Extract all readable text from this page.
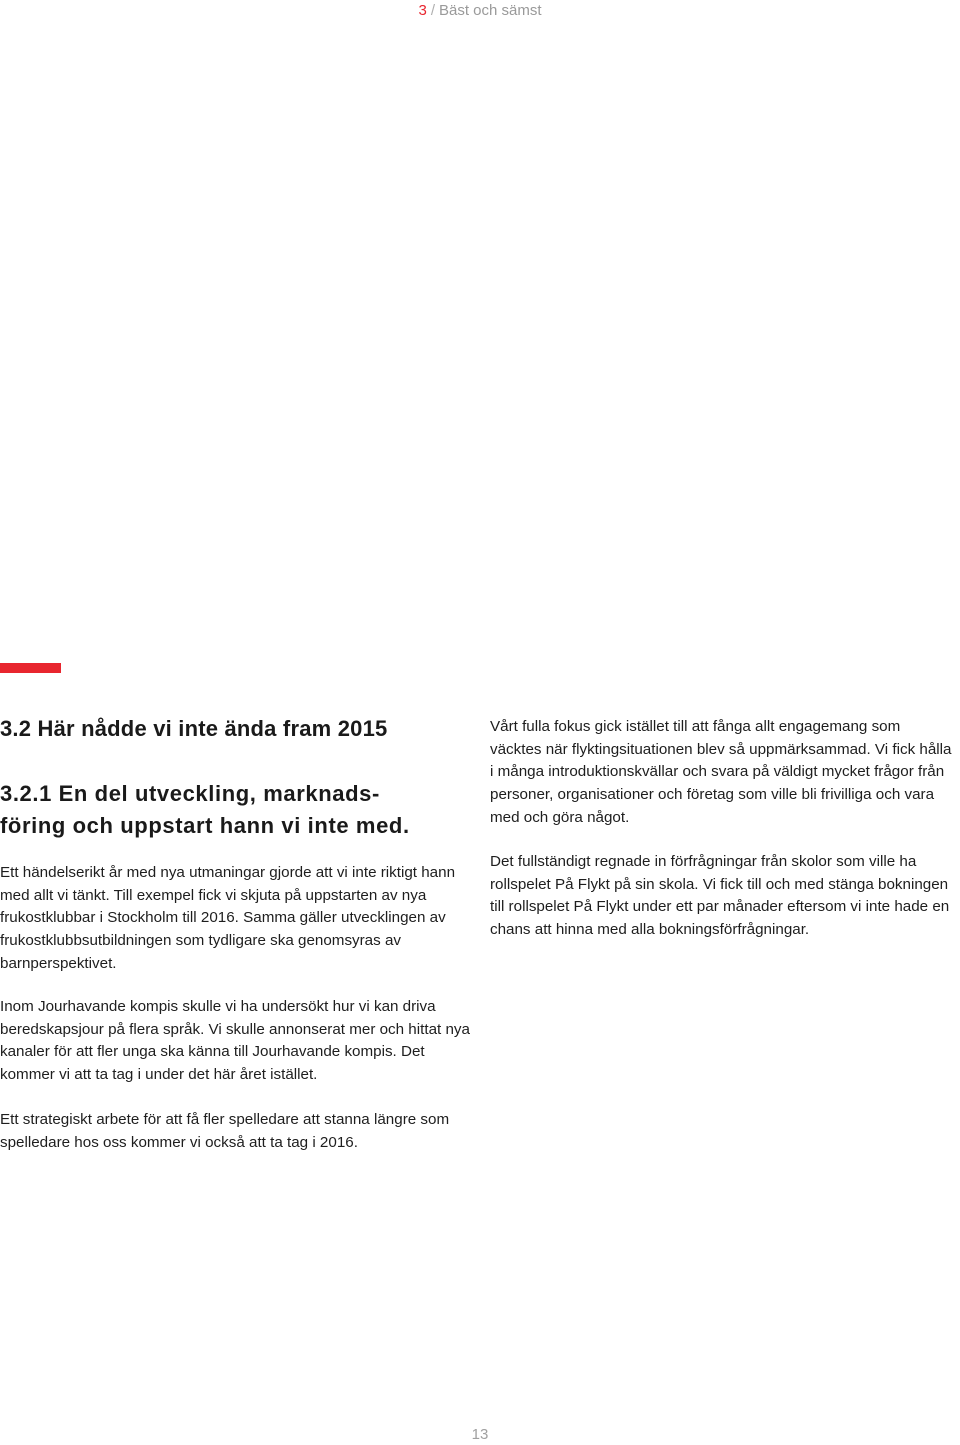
3 / Bäst och sämst
3.2 Här nådde vi inte ända fram 2015
3.2.1 En del utveckling, marknads-
föring och uppstart hann vi inte med.

Ett händelserikt år med nya utmaningar gjorde att vi inte riktigt hann med allt vi tänkt. Till exempel fick vi skjuta på uppstarten av nya frukostklubbar i Stockholm till 2016. Samma gäller utvecklingen av frukostklubbsutbildningen som tydligare ska genomsyras av barnperspektivet.

Inom Jourhavande kompis skulle vi ha undersökt hur vi kan driva beredskapsjour på flera språk. Vi skulle annonserat mer och hittat nya kanaler för att fler unga ska känna till Jourhavande kompis. Det kommer vi att ta tag i under det här året istället.

Ett strategiskt arbete för att få fler spelledare att stanna längre som spelledare hos oss kommer vi också att ta tag i 2016.

Vårt fulla fokus gick istället till att fånga allt engagemang som väcktes när flyktingsituationen blev så uppmärksammad. Vi fick hålla i många introduktionskvällar och svara på väldigt mycket frågor från personer, organisationer och företag som ville bli frivilliga och vara med och göra något.

Det fullständigt regnade in förfrågningar från skolor som ville ha rollspelet På Flykt på sin skola. Vi fick till och med stänga bokningen till rollspelet På Flykt under ett par månader eftersom vi inte hade en chans att hinna med alla bokningsförfrågningar.

13
